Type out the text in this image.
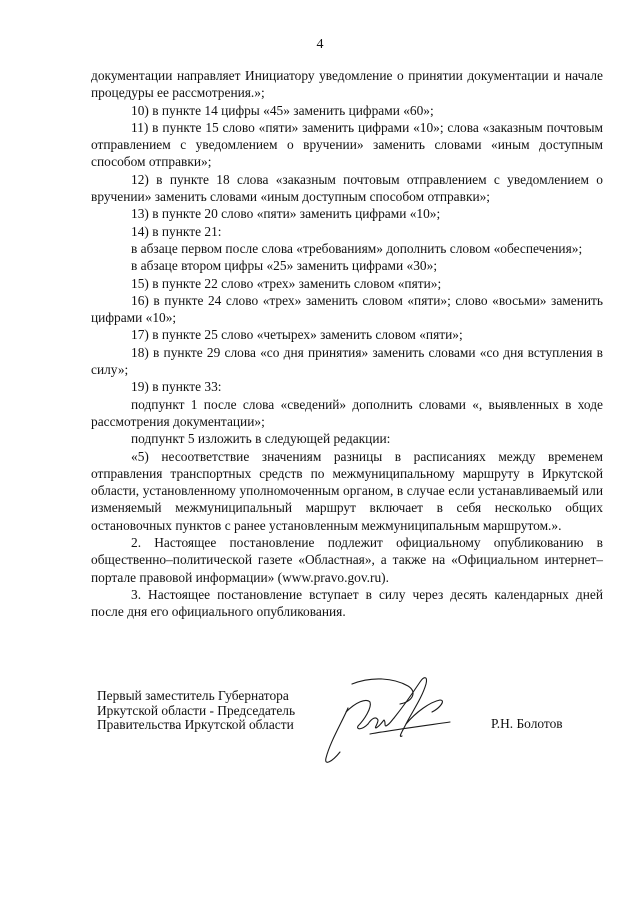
4

документации направляет Инициатору уведомление о принятии документации и начале процедуры ее рассмотрения.»;

10) в пункте 14 цифры «45» заменить цифрами «60»;

11) в пункте 15 слово «пяти» заменить цифрами «10»; слова «заказным почтовым отправлением с уведомлением о вручении» заменить словами «иным доступным способом отправки»;

12) в пункте 18 слова «заказным почтовым отправлением с уведомлением о вручении» заменить словами «иным доступным способом отправки»;

13) в пункте 20 слово «пяти» заменить цифрами «10»;

14) в пункте 21:

в абзаце первом после слова «требованиям» дополнить словом «обеспечения»;

в абзаце втором цифры «25» заменить цифрами «30»;

15) в пункте 22 слово «трех» заменить словом «пяти»;

16) в пункте 24 слово «трех» заменить словом «пяти»; слово «восьми» заменить цифрами «10»;

17) в пункте 25 слово «четырех» заменить словом «пяти»;

18) в пункте 29 слова «со дня принятия» заменить словами «со дня вступления в силу»;

19) в пункте 33:

подпункт 1 после слова «сведений» дополнить словами «, выявленных в ходе рассмотрения документации»;

подпункт 5 изложить в следующей редакции:

«5) несоответствие значениям разницы в расписаниях между временем отправления транспортных средств по межмуниципальному маршруту в Иркутской области, установленному уполномоченным органом, в случае если устанавливаемый или изменяемый межмуниципальный маршрут включает в себя несколько общих остановочных пунктов с ранее установленным межмуниципальным маршрутом.».

2. Настоящее постановление подлежит официальному опубликованию в общественно–политической газете «Областная», а также на «Официальном интернет–портале правовой информации» (www.pravo.gov.ru).

3. Настоящее постановление вступает в силу через десять календарных дней после дня его официального опубликования.

Первый заместитель Губернатора
Иркутской области - Председатель
Правительства Иркутской области	Р.Н. Болотов
